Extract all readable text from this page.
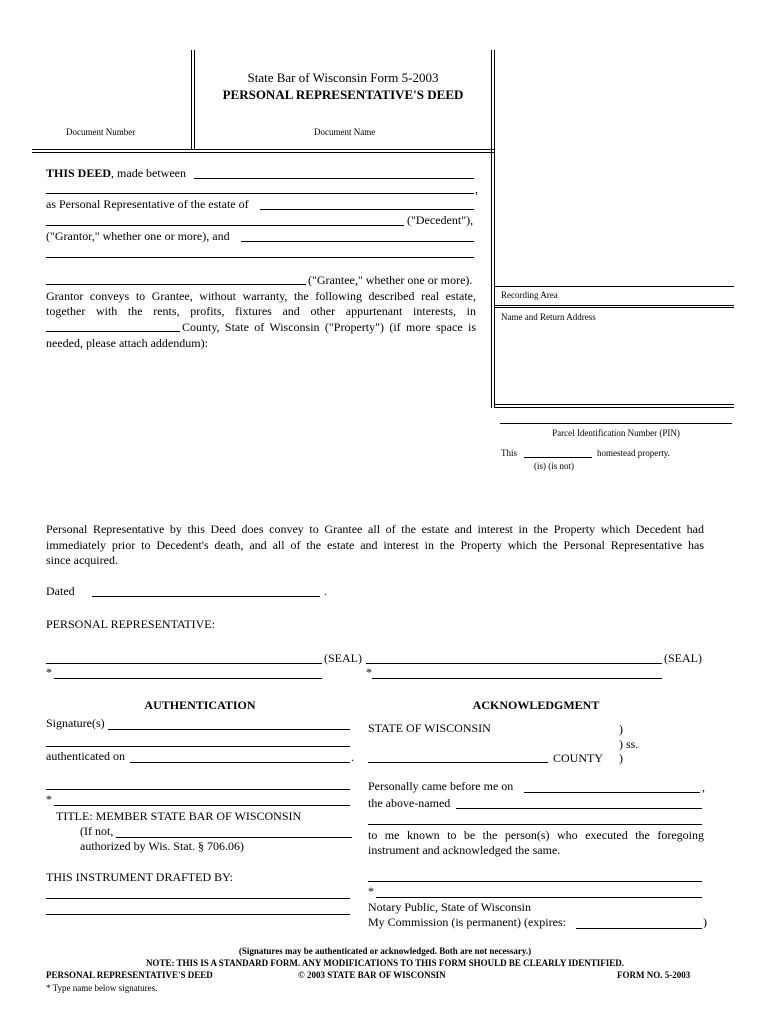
State Bar of Wisconsin Form 5-2003
PERSONAL REPRESENTATIVE'S DEED
Document Number	Document Name
THIS DEED, made between
,
as Personal Representative of the estate of
("Decedent"),
("Grantor," whether one or more), and
("Grantee," whether one or more).
Grantor conveys to Grantee, without warranty, the following described real estate,
together with the rents, profits, fixtures and other appurtenant interests, in
County, State of Wisconsin ("Property") (if more space is
needed, please attach addendum):
Recording Area
Name and Return Address
Parcel Identification Number (PIN)
This	homestead property.
(is) (is not)
Personal Representative by this Deed does convey to Grantee all of the estate and interest in the Property which Decedent had
immediately prior to Decedent's death, and all of the estate and interest in the Property which the Personal Representative has
since acquired.
Dated	.
PERSONAL REPRESENTATIVE:
(SEAL)	(SEAL)
*	*
AUTHENTICATION
Signature(s)
authenticated on	.
*
TITLE: MEMBER STATE BAR OF WISCONSIN
(If not,
authorized by Wis. Stat. § 706.06)
THIS INSTRUMENT DRAFTED BY:
ACKNOWLEDGMENT
STATE OF WISCONSIN	)
) ss.
COUNTY )
Personally came before me on	,
the above-named
to me known to be the person(s) who executed the foregoing
instrument and acknowledged the same.
*
Notary Public, State of Wisconsin
My Commission (is permanent) (expires:	)
(Signatures may be authenticated or acknowledged. Both are not necessary.)
NOTE: THIS IS A STANDARD FORM. ANY MODIFICATIONS TO THIS FORM SHOULD BE CLEARLY IDENTIFIED.
PERSONAL REPRESENTATIVE'S DEED	© 2003 STATE BAR OF WISCONSIN	FORM NO. 5-2003
* Type name below signatures.
